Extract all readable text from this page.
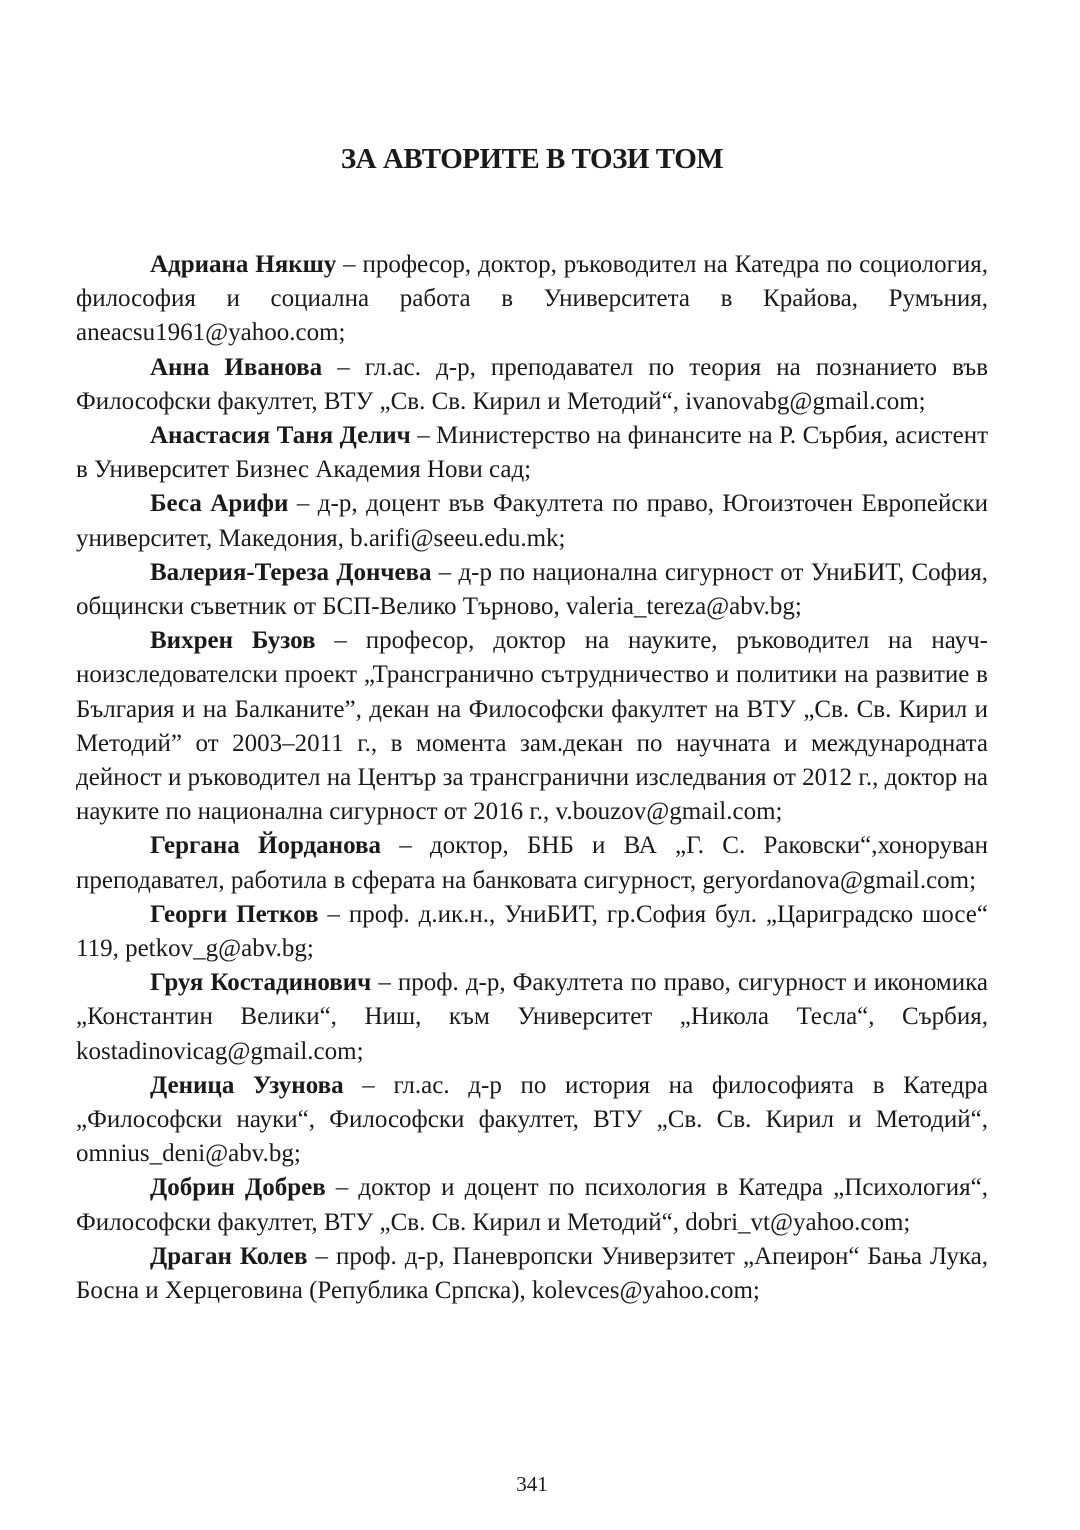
ЗА АВТОРИТЕ В ТОЗИ ТОМ

Адриана Някшу – професор, доктор, ръководител на Катедра по социология, философия и социална работа в Университета в Крайова, Румъния, aneacsu1961@yahoo.com;

Анна Иванова – гл.ас. д-р, преподавател по теория на познанието във Философски факултет, ВТУ „Св. Св. Кирил и Методий“, ivanovabg@gmail.com;

Анастасия Таня Делич – Министерство на финансите на Р. Сърбия, асистент в Университет Бизнес Академия Нови сад;

Беса Арифи – д-р, доцент във Факултета по право, Югоизточен Европейски университет, Македония, b.arifi@seeu.edu.mk;

Валерия-Тереза Дончева – д-р по национална сигурност от УниБИТ, София, общински съветник от БСП-Велико Търново, valeria_tereza@abv.bg;

Вихрен Бузов – професор, доктор на науките, ръководител на научноизследователски проект „Трансгранично сътрудничество и политики на развитие в България и на Балканите”, декан на Философски факултет на ВТУ „Св. Св. Кирил и Методий” от 2003–2011 г., в момента зам.декан по научната и международната дейност и ръководител на Център за трансгранични изследвания от 2012 г., доктор на науките по национална сигурност от 2016 г., v.bouzov@gmail.com;

Гергана Йорданова – доктор, БНБ и ВА „Г. С. Раковски“,хоноруван преподавател, работила в сферата на банковата сигурност, geryordanova@gmail.com;

Георги Петков – проф. д.ик.н., УниБИТ, гр.София бул. „Цариградско шосе“ 119, petkov_g@abv.bg;

Груя Костадинович – проф. д-р, Факултета по право, сигурност и икономика „Константин Велики“, Ниш, към Университет „Никола Тесла“, Сърбия, kostadinovicag@gmail.com;

Деница Узунова – гл.ас. д-р по история на философията в Катедра „Философски науки“, Философски факултет, ВТУ „Св. Св. Кирил и Методий“, omnius_deni@abv.bg;

Добрин Добрев – доктор и доцент по психология в Катедра „Психология“, Философски факултет, ВТУ „Св. Св. Кирил и Методий“, dobri_vt@yahoo.com;

Драган Колев – проф. д-р, Паневропски Универзитет „Апеирон“ Бања Лука, Босна и Херцеговина (Република Српска), kolevces@yahoo.com;

341
